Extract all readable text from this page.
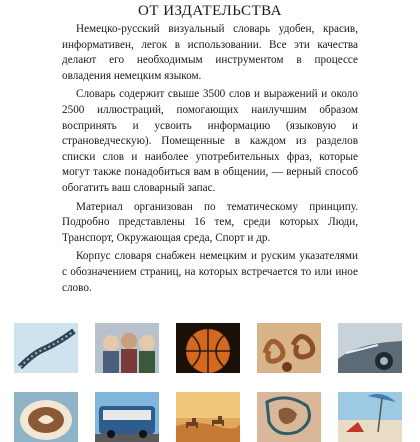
ОТ ИЗДАТЕЛЬСТВА

Немецко-русский визуальный словарь удобен, красив, информативен, легок в использовании. Все эти качества делают его необходимым инструментом в процессе овладения немецким языком.

Словарь содержит свыше 3500 слов и выражений и около 2500 иллюстраций, помогающих наилучшим образом воспринять и усвоить информацию (языковую и страноведческую). Помещенные в каждом из разделов списки слов и наиболее употребительных фраз, которые могут также понадобиться вам в общении, — верный способ обогатить ваш словарный запас.

Материал организован по тематическому принципу. Подробно представлены 16 тем, среди которых Люди, Транспорт, Окружающая среда, Спорт и др.

Корпус словаря снабжен немецким и руским указателями с обозначением страниц, на которых встречается то или иное слово.
